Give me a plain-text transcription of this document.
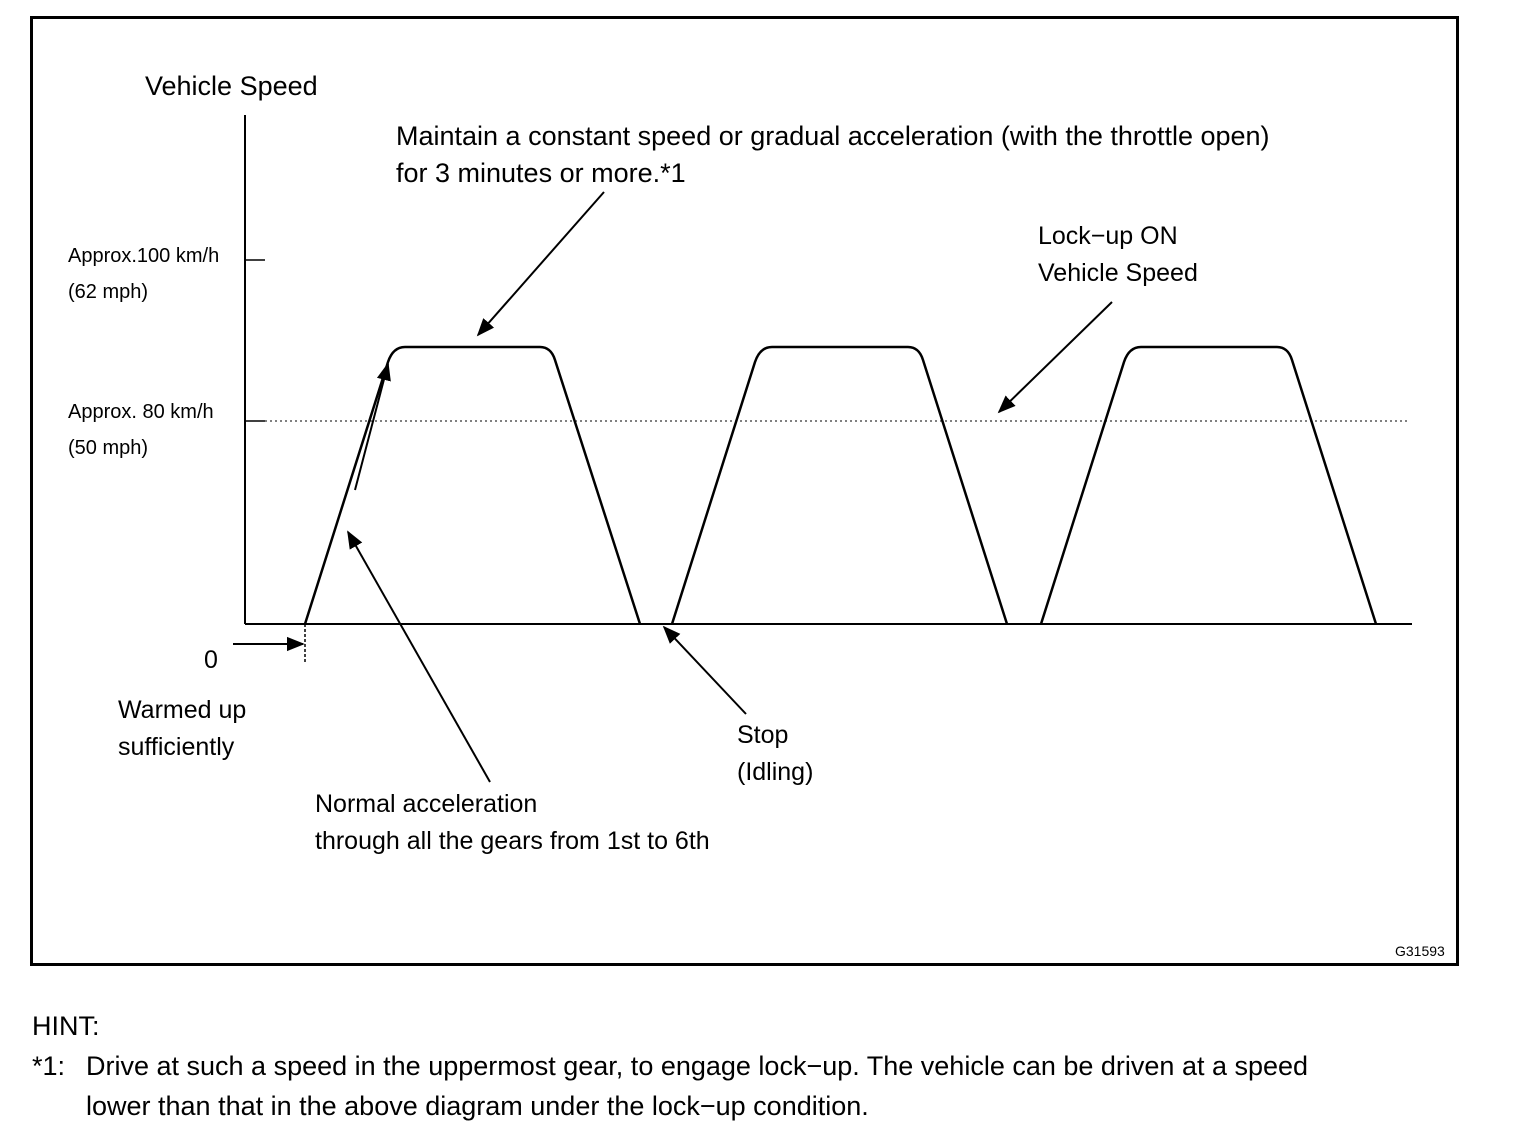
Vehicle Speed
Approx.100 km/h
(62 mph)
Approx. 80 km/h
(50 mph)
0
Maintain a constant speed or gradual acceleration (with the throttle open)
for 3 minutes or more.*1
Lock−up ON
Vehicle Speed
Warmed up
sufficiently
Normal acceleration
through all the gears from 1st to 6th
Stop
(Idling)
G31593
HINT:
*1: Drive at such a speed in the uppermost gear, to engage lock−up. The vehicle can be driven at a speed
lower than that in the above diagram under the lock−up condition.
